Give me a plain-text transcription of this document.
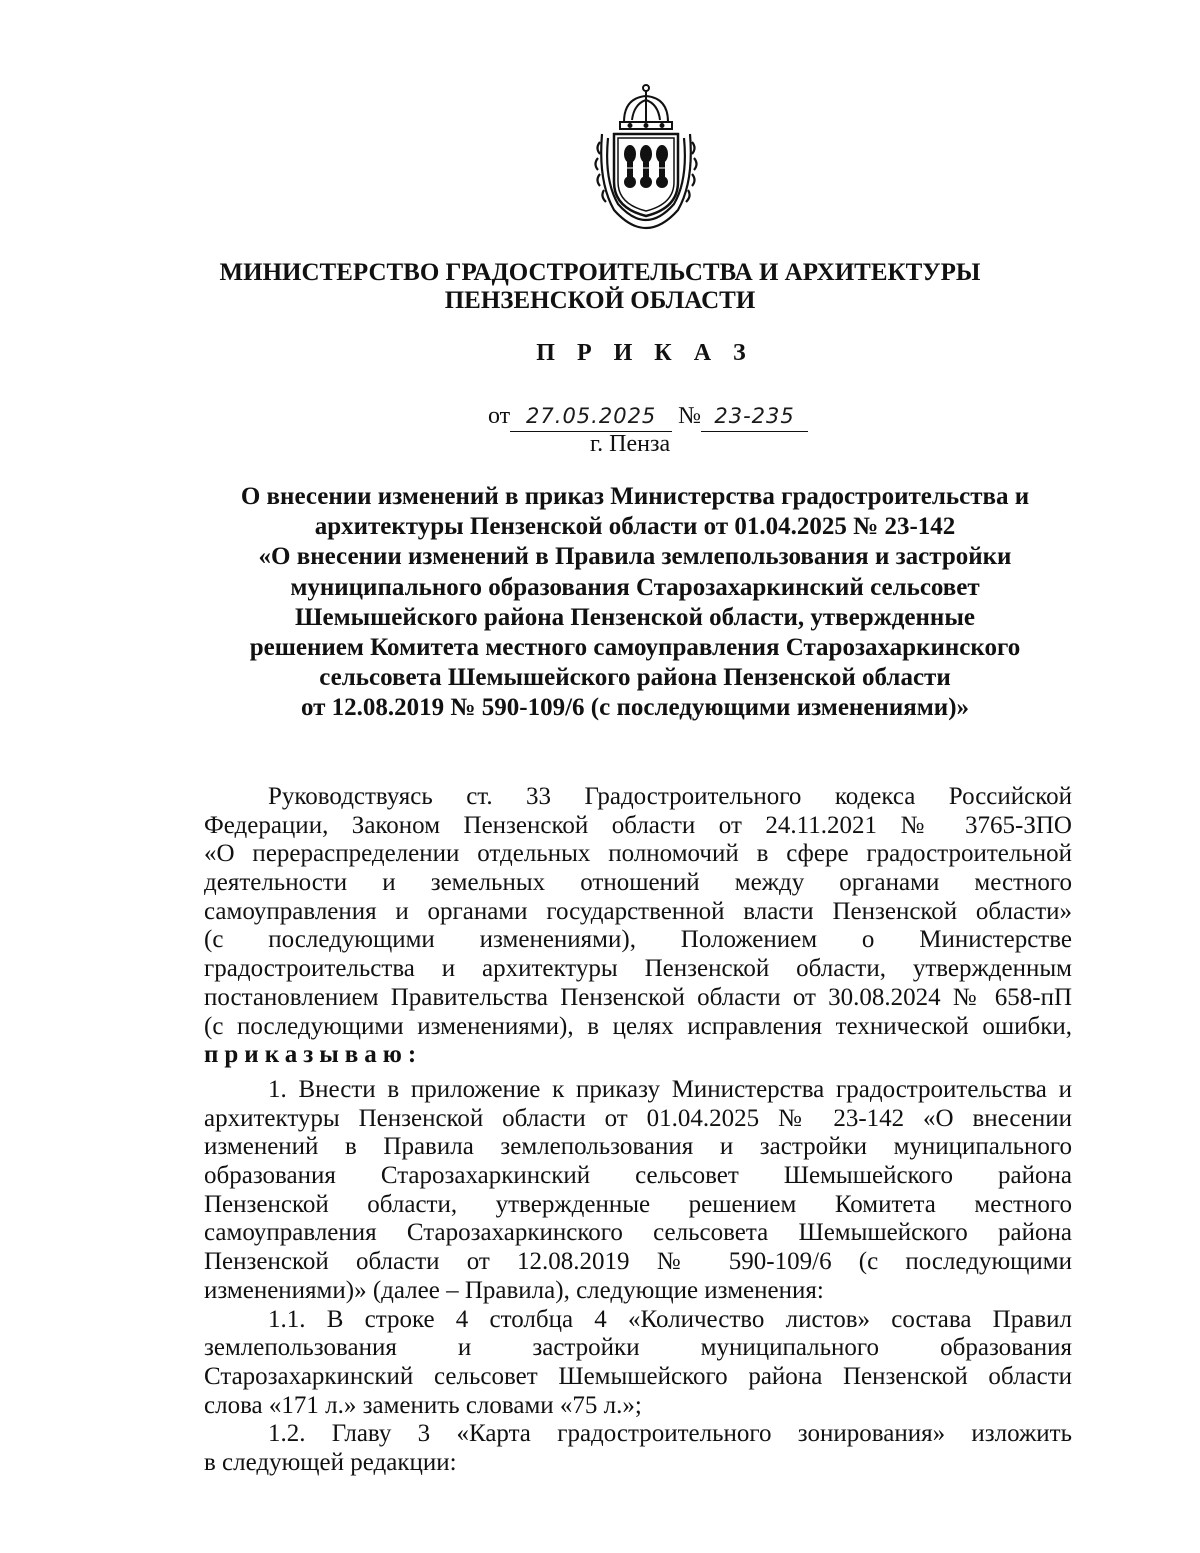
МИНИСТЕРСТВО ГРАДОСТРОИТЕЛЬСТВА И АРХИТЕКТУРЫ
ПЕНЗЕНСКОЙ ОБЛАСТИ
П Р И К А З
от 27.05.2025 № 23-235
г. Пенза
О внесении изменений в приказ Министерства градостроительства и
архитектуры Пензенской области от 01.04.2025 № 23-142
«О внесении изменений в Правила землепользования и застройки
муниципального образования Старозахаркинский сельсовет
Шемышейского района Пензенской области, утвержденные
решением Комитета местного самоуправления Старозахаркинского
сельсовета Шемышейского района Пензенской области
от 12.08.2019 № 590-109/6 (с последующими изменениями)»
Руководствуясь ст. 33 Градостроительного кодекса Российской
Федерации, Законом Пензенской области от 24.11.2021 № 3765-ЗПО
«О перераспределении отдельных полномочий в сфере градостроительной
деятельности и земельных отношений между органами местного
самоуправления и органами государственной власти Пензенской области»
(с последующими изменениями), Положением о Министерстве
градостроительства и архитектуры Пензенской области, утвержденным
постановлением Правительства Пензенской области от 30.08.2024 № 658-пП
(с последующими изменениями), в целях исправления технической ошибки,
приказываю:
1. Внести в приложение к приказу Министерства градостроительства и
архитектуры Пензенской области от 01.04.2025 № 23-142 «О внесении
изменений в Правила землепользования и застройки муниципального
образования Старозахаркинский сельсовет Шемышейского района
Пензенской области, утвержденные решением Комитета местного
самоуправления Старозахаркинского сельсовета Шемышейского района
Пензенской области от 12.08.2019 № 590-109/6 (с последующими
изменениями)» (далее – Правила), следующие изменения:
1.1. В строке 4 столбца 4 «Количество листов» состава Правил
землепользования и застройки муниципального образования
Старозахаркинский сельсовет Шемышейского района Пензенской области
слова «171 л.» заменить словами «75 л.»;
1.2. Главу 3 «Карта градостроительного зонирования» изложить
в следующей редакции:
